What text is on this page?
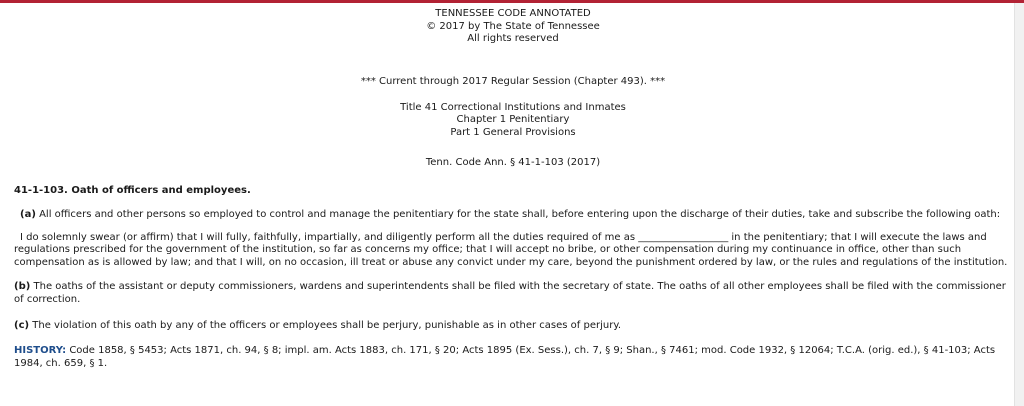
TENNESSEE CODE ANNOTATED
© 2017 by The State of Tennessee
All rights reserved
*** Current through 2017 Regular Session (Chapter 493). ***
Title 41 Correctional Institutions and Inmates
Chapter 1 Penitentiary
Part 1 General Provisions
Tenn. Code Ann. § 41-1-103 (2017)
41-1-103. Oath of officers and employees.
(a) All officers and other persons so employed to control and manage the penitentiary for the state shall, before entering upon the discharge of their duties, take and subscribe the following oath:
I do solemnly swear (or affirm) that I will fully, faithfully, impartially, and diligently perform all the duties required of me as __________________ in the penitentiary; that I will execute the laws and regulations prescribed for the government of the institution, so far as concerns my office; that I will accept no bribe, or other compensation during my continuance in office, other than such compensation as is allowed by law; and that I will, on no occasion, ill treat or abuse any convict under my care, beyond the punishment ordered by law, or the rules and regulations of the institution.
(b) The oaths of the assistant or deputy commissioners, wardens and superintendents shall be filed with the secretary of state. The oaths of all other employees shall be filed with the commissioner of correction.
(c) The violation of this oath by any of the officers or employees shall be perjury, punishable as in other cases of perjury.
HISTORY: Code 1858, § 5453; Acts 1871, ch. 94, § 8; impl. am. Acts 1883, ch. 171, § 20; Acts 1895 (Ex. Sess.), ch. 7, § 9; Shan., § 7461; mod. Code 1932, § 12064; T.C.A. (orig. ed.), § 41-103; Acts 1984, ch. 659, § 1.
